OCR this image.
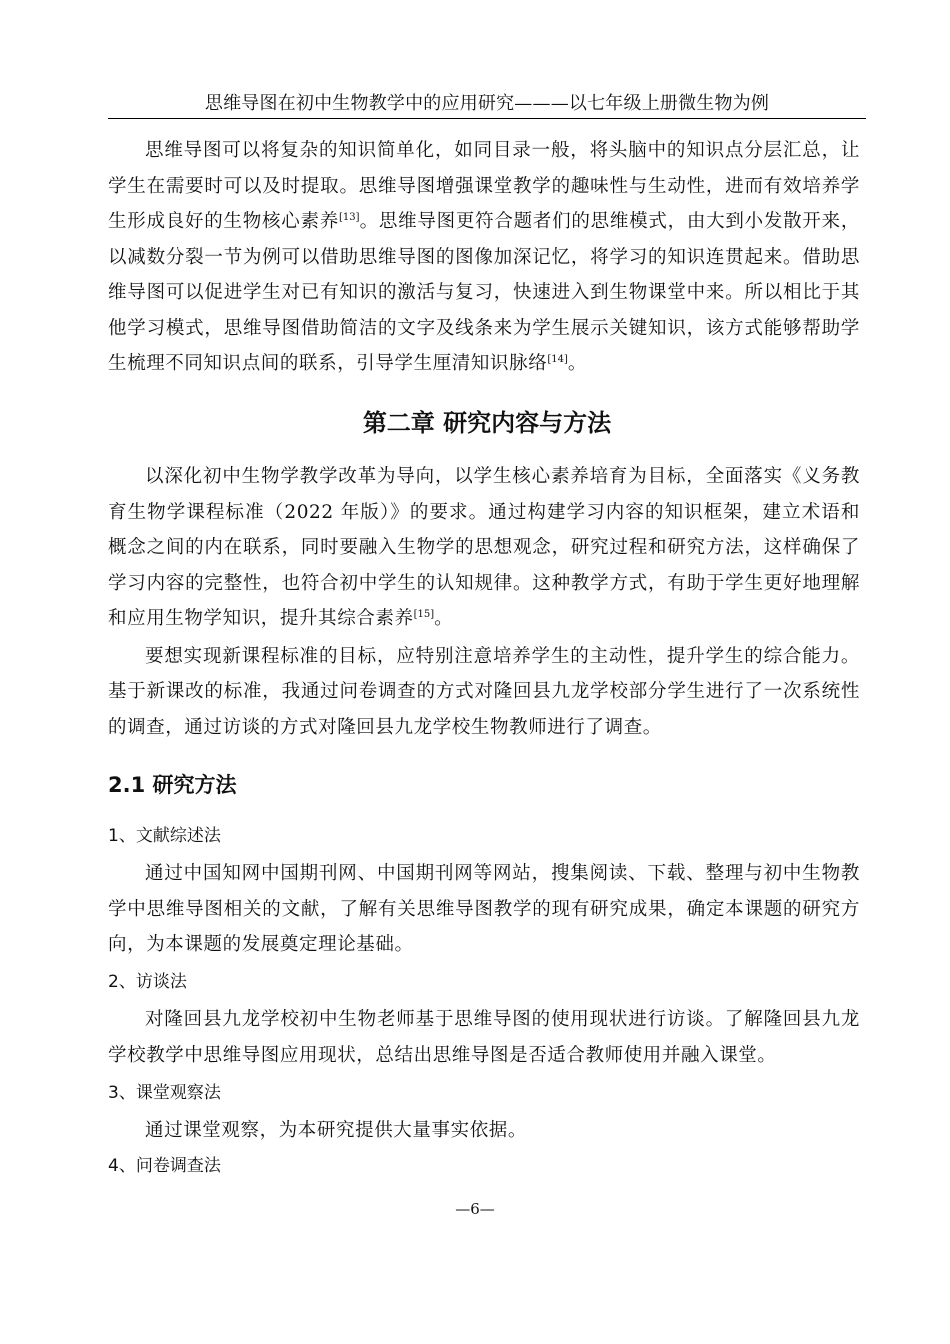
思维导图在初中生物教学中的应用研究———以七年级上册微生物为例

思维导图可以将复杂的知识简单化，如同目录一般，将头脑中的知识点分层汇总，让学生在需要时可以及时提取。思维导图增强课堂教学的趣味性与生动性，进而有效培养学生形成良好的生物核心素养[13]。思维导图更符合题者们的思维模式，由大到小发散开来，以减数分裂一节为例可以借助思维导图的图像加深记忆，将学习的知识连贯起来。借助思维导图可以促进学生对已有知识的激活与复习，快速进入到生物课堂中来。所以相比于其他学习模式，思维导图借助简洁的文字及线条来为学生展示关键知识，该方式能够帮助学生梳理不同知识点间的联系，引导学生厘清知识脉络[14]。

第二章 研究内容与方法

以深化初中生物学教学改革为导向，以学生核心素养培育为目标，全面落实《义务教育生物学课程标准（2022 年版）》的要求。通过构建学习内容的知识框架，建立术语和概念之间的内在联系，同时要融入生物学的思想观念，研究过程和研究方法，这样确保了学习内容的完整性，也符合初中学生的认知规律。这种教学方式，有助于学生更好地理解和应用生物学知识，提升其综合素养[15]。

要想实现新课程标准的目标，应特别注意培养学生的主动性，提升学生的综合能力。基于新课改的标准，我通过问卷调查的方式对隆回县九龙学校部分学生进行了一次系统性的调查，通过访谈的方式对隆回县九龙学校生物教师进行了调查。

2.1 研究方法
1、文献综述法

通过中国知网中国期刊网、中国期刊网等网站，搜集阅读、下载、整理与初中生物教学中思维导图相关的文献，了解有关思维导图教学的现有研究成果，确定本课题的研究方向，为本课题的发展奠定理论基础。

2、访谈法

对隆回县九龙学校初中生物老师基于思维导图的使用现状进行访谈。了解隆回县九龙学校教学中思维导图应用现状，总结出思维导图是否适合教师使用并融入课堂。

3、课堂观察法

通过课堂观察，为本研究提供大量事实依据。

4、问卷调查法
—6—
